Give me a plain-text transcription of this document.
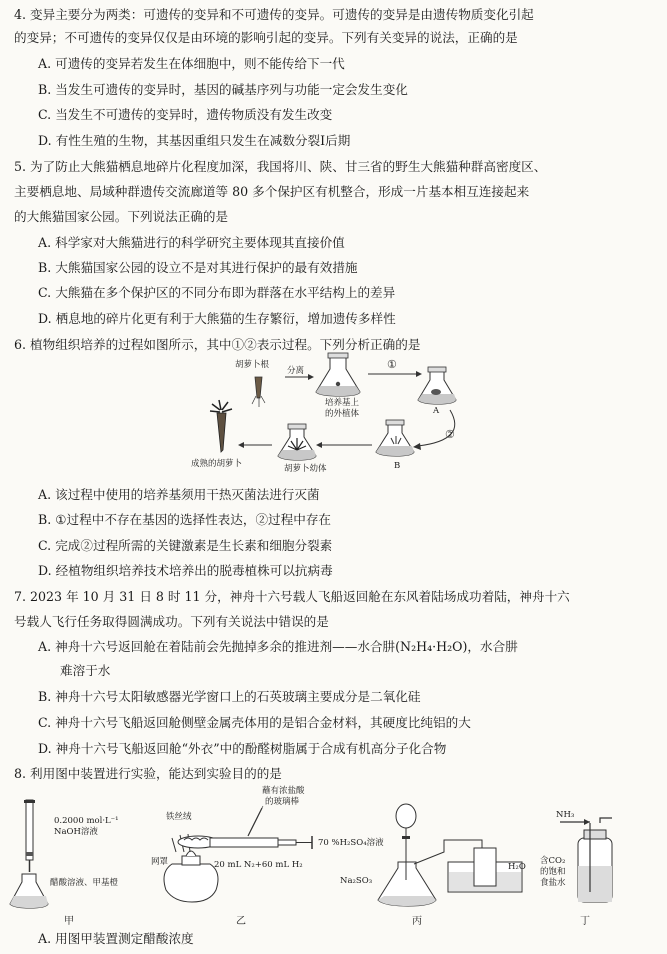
4. 变异主要分为两类：可遗传的变异和不可遗传的变异。可遗传的变异是由遗传物质变化引起
的变异；不可遗传的变异仅仅是由环境的影响引起的变异。下列有关变异的说法，正确的是
A. 可遗传的变异若发生在体细胞中，则不能传给下一代
B. 当发生可遗传的变异时，基因的碱基序列与功能一定会发生变化
C. 当发生不可遗传的变异时，遗传物质没有发生改变
D. 有性生殖的生物，其基因重组只发生在减数分裂Ⅰ后期
5. 为了防止大熊猫栖息地碎片化程度加深，我国将川、陕、甘三省的野生大熊猫种群高密度区、
主要栖息地、局域种群遗传交流廊道等 80 多个保护区有机整合，形成一片基本相互连接起来
的大熊猫国家公园。下列说法正确的是
A. 科学家对大熊猫进行的科学研究主要体现其直接价值
B. 大熊猫国家公园的设立不是对其进行保护的最有效措施
C. 大熊猫在多个保护区的不同分布即为群落在水平结构上的差异
D. 栖息地的碎片化更有利于大熊猫的生存繁衍，增加遗传多样性
6. 植物组织培养的过程如图所示，其中①②表示过程。下列分析正确的是
胡萝卜根
分离
培养基上
的外植体
①
A
②
B
胡萝卜幼体
成熟的胡萝卜
A. 该过程中使用的培养基须用干热灭菌法进行灭菌
B. ①过程中不存在基因的选择性表达，②过程中存在
C. 完成②过程所需的关键激素是生长素和细胞分裂素
D. 经植物组织培养技术培养出的脱毒植株可以抗病毒
7. 2023 年 10 月 31 日 8 时 11 分，神舟十六号载人飞船返回舱在东风着陆场成功着陆，神舟十六
号载人飞行任务取得圆满成功。下列有关说法中错误的是
A. 神舟十六号返回舱在着陆前会先抛掉多余的推进剂——水合肼(N₂H₄·H₂O)，水合肼
难溶于水
B. 神舟十六号太阳敏感器光学窗口上的石英玻璃主要成分是二氧化硅
C. 神舟十六号飞船返回舱侧壁金属壳体用的是铝合金材料，其硬度比纯铝的大
D. 神舟十六号飞船返回舱“外衣”中的酚醛树脂属于合成有机高分子化合物
8. 利用图中装置进行实验，能达到实验目的的是
0.2000 mol·L⁻¹
NaOH溶液
醋酸溶液、甲基橙
蘸有浓盐酸
的玻璃棒
铁丝绒
网罩	20 mL N₂+60 mL H₂
70 %H₂SO₄溶液
Na₂SO₃
H₂O
NH₃
含CO₂
的饱和
食盐水
甲	乙	丙	丁
A. 用图甲装置测定醋酸浓度
